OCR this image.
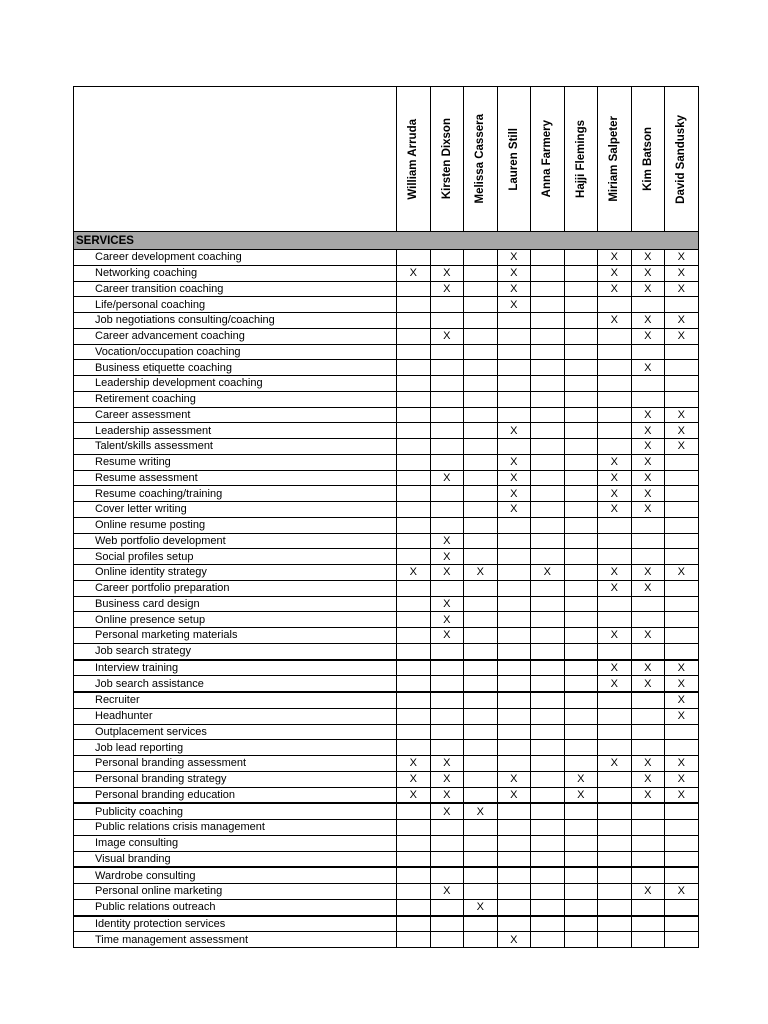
	William Arruda	Kirsten Dixson	Melissa Cassera	Lauren Still	Anna Farmery	Hajji Flemings	Miriam Salpeter	Kim Batson	David Sandusky

SERVICES									
Career development coaching				X			X	X	X
Networking coaching	X	X		X			X	X	X
Career transition coaching		X		X			X	X	X
Life/personal coaching				X					
Job negotiations consulting/coaching							X	X	X
Career advancement coaching		X						X	X
Vocation/occupation coaching									
Business etiquette coaching								X	
Leadership development coaching									
Retirement coaching									
Career assessment								X	X
Leadership assessment				X				X	X
Talent/skills assessment								X	X
Resume writing				X			X	X	
Resume assessment		X		X			X	X	
Resume coaching/training				X			X	X	
Cover letter writing				X			X	X	
Online resume posting									
Web portfolio development		X							
Social profiles setup		X							
Online identity strategy	X	X	X		X		X	X	X
Career portfolio preparation							X	X	
Business card design		X							
Online presence setup		X							
Personal marketing materials		X					X	X	
Job search strategy									
Interview training							X	X	X
Job search assistance							X	X	X
Recruiter									X
Headhunter									X
Outplacement services									
Job lead reporting									
Personal branding assessment	X	X					X	X	X
Personal branding strategy	X	X		X		X		X	X
Personal branding education	X	X		X		X		X	X
Publicity coaching		X	X						
Public relations crisis management									
Image consulting									
Visual branding									
Wardrobe consulting									
Personal online marketing		X						X	X
Public relations outreach			X						
Identity protection services									
Time management assessment				X					
